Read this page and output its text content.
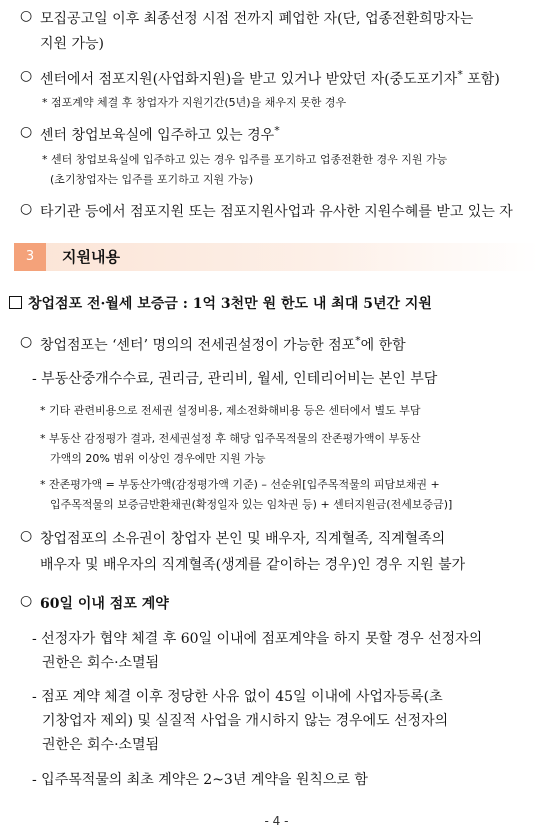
○ 모집공고일 이후 최종선정 시점 전까지 폐업한 자(단, 업종전환희망자는
지원 가능)
○ 센터에서 점포지원(사업화지원)을 받고 있거나 받았던 자(중도포기자* 포함)
* 점포계약 체결 후 창업자가 지원기간(5년)을 채우지 못한 경우
○ 센터 창업보육실에 입주하고 있는 경우*
* 센터 창업보육실에 입주하고 있는 경우 입주를 포기하고 업종전환한 경우 지원 가능
(초기창업자는 입주를 포기하고 지원 가능)
○ 타기관 등에서 점포지원 또는 점포지원사업과 유사한 지원수혜를 받고 있는 자
3	지원내용
창업점포 전·월세 보증금 : 1억 3천만 원 한도 내 최대 5년간 지원
○ 창업점포는 ‘센터’ 명의의 전세권설정이 가능한 점포*에 한함
- 부동산중개수수료, 권리금, 관리비, 월세, 인테리어비는 본인 부담
* 기타 관련비용으로 전세권 설정비용, 제소전화해비용 등은 센터에서 별도 부담
* 부동산 감정평가 결과, 전세권설정 후 해당 입주목적물의 잔존평가액이 부동산
가액의 20% 범위 이상인 경우에만 지원 가능
* 잔존평가액 = 부동산가액(감정평가액 기준) – 선순위[입주목적물의 피담보채권 +
입주목적물의 보증금반환채권(확정일자 있는 임차권 등) + 센터지원금(전세보증금)]
○ 창업점포의 소유권이 창업자 본인 및 배우자, 직계혈족, 직계혈족의
배우자 및 배우자의 직계혈족(생계를 같이하는 경우)인 경우 지원 불가
○ 60일 이내 점포 계약
- 선정자가 협약 체결 후 60일 이내에 점포계약을 하지 못할 경우 선정자의
권한은 회수·소멸됨
- 점포 계약 체결 이후 정당한 사유 없이 45일 이내에 사업자등록(초
기창업자 제외) 및 실질적 사업을 개시하지 않는 경우에도 선정자의
권한은 회수·소멸됨
- 입주목적물의 최초 계약은 2~3년 계약을 원칙으로 함
- 4 -
